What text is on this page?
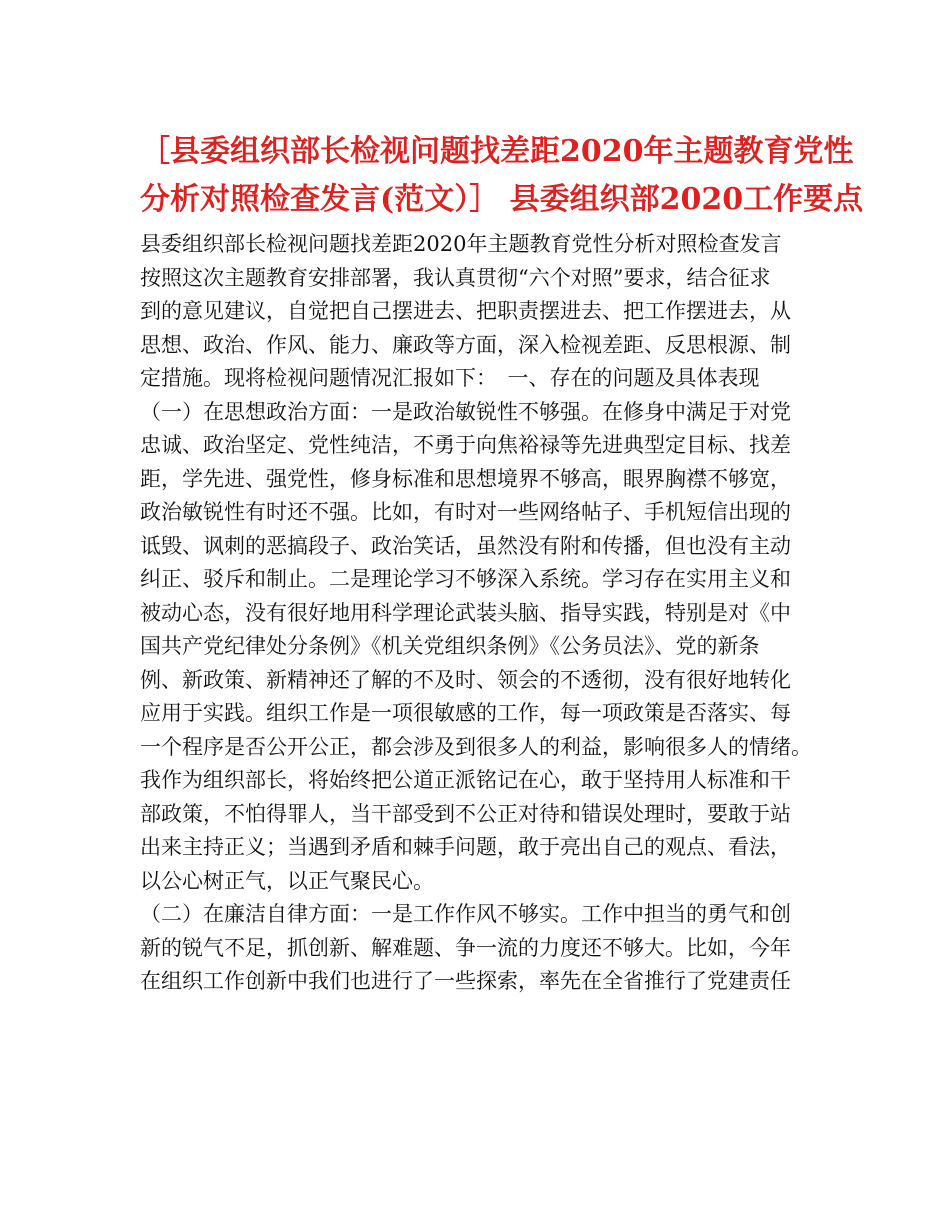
［县委组织部长检视问题找差距2020年主题教育党性
分析对照检查发言(范文）］ 县委组织部2020工作要点
县委组织部长检视问题找差距2020年主题教育党性分析对照检查发言
按照这次主题教育安排部署，我认真贯彻“六个对照”要求，结合征求
到的意见建议，自觉把自己摆进去、把职责摆进去、把工作摆进去，从
思想、政治、作风、能力、廉政等方面，深入检视差距、反思根源、制
定措施。现将检视问题情况汇报如下：　一、存在的问题及具体表现
（一）在思想政治方面：一是政治敏锐性不够强。在修身中满足于对党
忠诚、政治坚定、党性纯洁，不勇于向焦裕禄等先进典型定目标、找差
距，学先进、强党性，修身标准和思想境界不够高，眼界胸襟不够宽，
政治敏锐性有时还不强。比如，有时对一些网络帖子、手机短信出现的
诋毁、讽刺的恶搞段子、政治笑话，虽然没有附和传播，但也没有主动
纠正、驳斥和制止。二是理论学习不够深入系统。学习存在实用主义和
被动心态，没有很好地用科学理论武装头脑、指导实践，特别是对《中
国共产党纪律处分条例》《机关党组织条例》《公务员法》、党的新条
例、新政策、新精神还了解的不及时、领会的不透彻，没有很好地转化
应用于实践。组织工作是一项很敏感的工作，每一项政策是否落实、每
一个程序是否公开公正，都会涉及到很多人的利益，影响很多人的情绪。
我作为组织部长，将始终把公道正派铭记在心，敢于坚持用人标准和干
部政策，不怕得罪人，当干部受到不公正对待和错误处理时，要敢于站
出来主持正义；当遇到矛盾和棘手问题，敢于亮出自己的观点、看法，
以公心树正气，以正气聚民心。
（二）在廉洁自律方面：一是工作作风不够实。工作中担当的勇气和创
新的锐气不足，抓创新、解难题、争一流的力度还不够大。比如，今年
在组织工作创新中我们也进行了一些探索，率先在全省推行了党建责任
